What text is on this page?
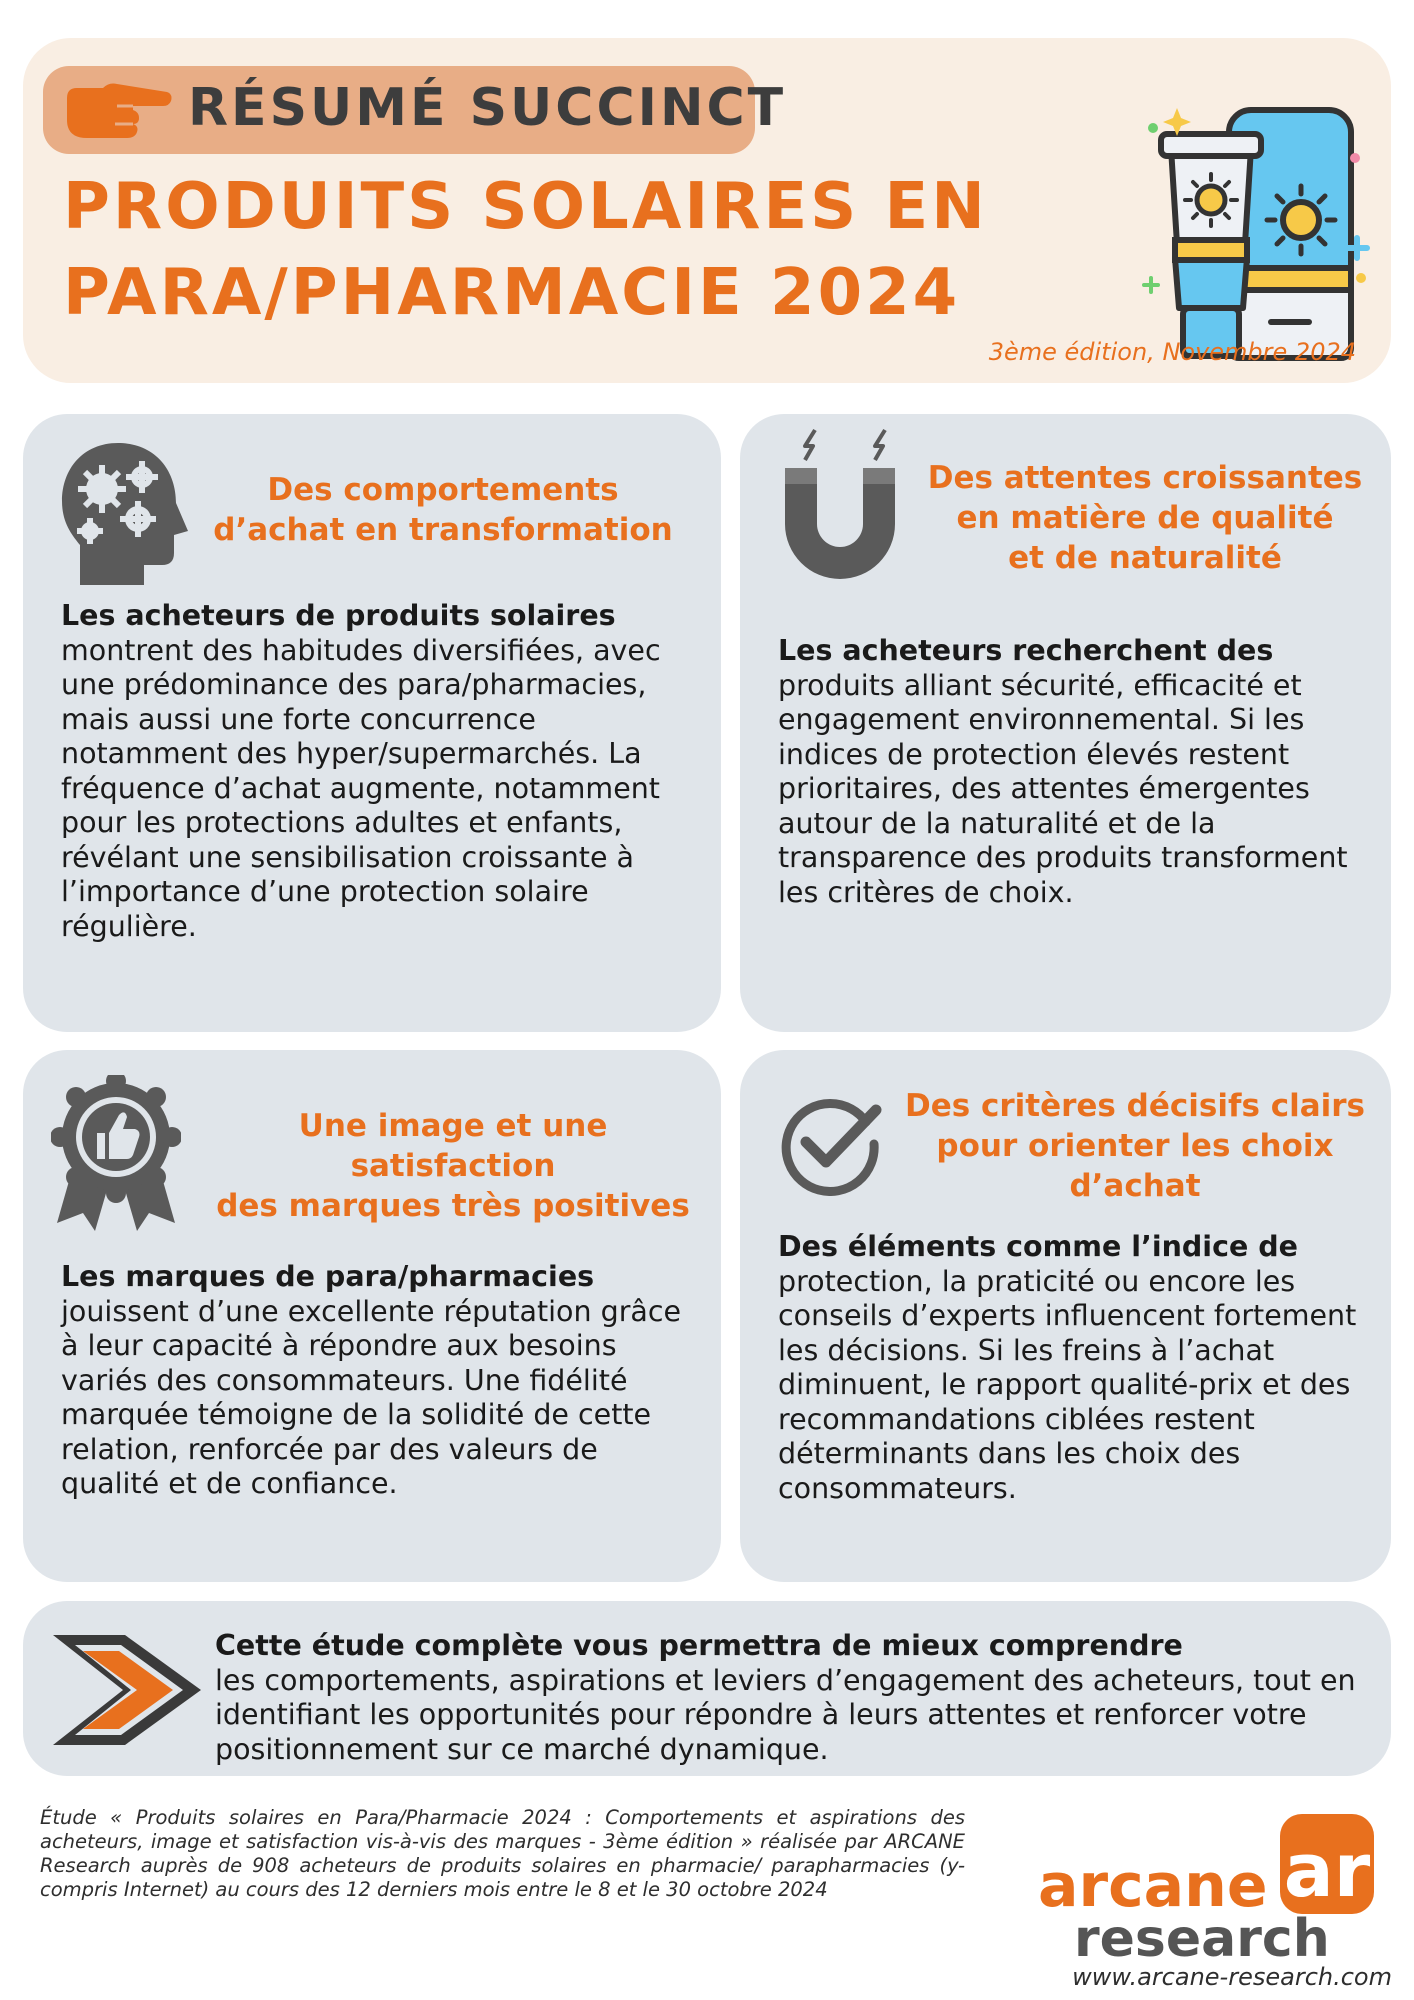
RÉSUMÉ SUCCINCT
PRODUITS SOLAIRES EN
PARA/PHARMACIE 2024
3ème édition, Novembre 2024
Des comportements
d’achat en transformation
Les acheteurs de produits solaires
montrent des habitudes diversifiées, avec une prédominance des para/pharmacies, mais aussi une forte concurrence notamment des hyper/supermarchés. La fréquence d’achat augmente, notamment pour les protections adultes et enfants, révélant une sensibilisation croissante à l’importance d’une protection solaire régulière.
Des attentes croissantes
en matière de qualité
et de naturalité
Les acheteurs recherchent des
produits alliant sécurité, efficacité et engagement environnemental. Si les indices de protection élevés restent prioritaires, des attentes émergentes autour de la naturalité et de la transparence des produits transforment les critères de choix.
Une image et une satisfaction
des marques très positives
Les marques de para/pharmacies
jouissent d’une excellente réputation grâce à leur capacité à répondre aux besoins variés des consommateurs. Une fidélité marquée témoigne de la solidité de cette relation, renforcée par des valeurs de qualité et de confiance.
Des critères décisifs clairs
pour orienter les choix
d’achat
Des éléments comme l’indice de
protection, la praticité ou encore les conseils d’experts influencent fortement les décisions. Si les freins à l’achat diminuent, le rapport qualité-prix et des recommandations ciblées restent déterminants dans les choix des consommateurs.
Cette étude complète vous permettra de mieux comprendre
les comportements, aspirations et leviers d’engagement des acheteurs, tout en identifiant les opportunités pour répondre à leurs attentes et renforcer votre positionnement sur ce marché dynamique.
Étude « Produits solaires en Para/Pharmacie 2024 : Comportements et aspirations des acheteurs, image et satisfaction vis-à-vis des marques - 3ème édition » réalisée par ARCANE Research auprès de 908 acheteurs de produits solaires en pharmacie/ parapharmacies (y-compris Internet) au cours des 12 derniers mois entre le 8 et le 30 octobre 2024	ar
arcane
research
www.arcane-research.com
